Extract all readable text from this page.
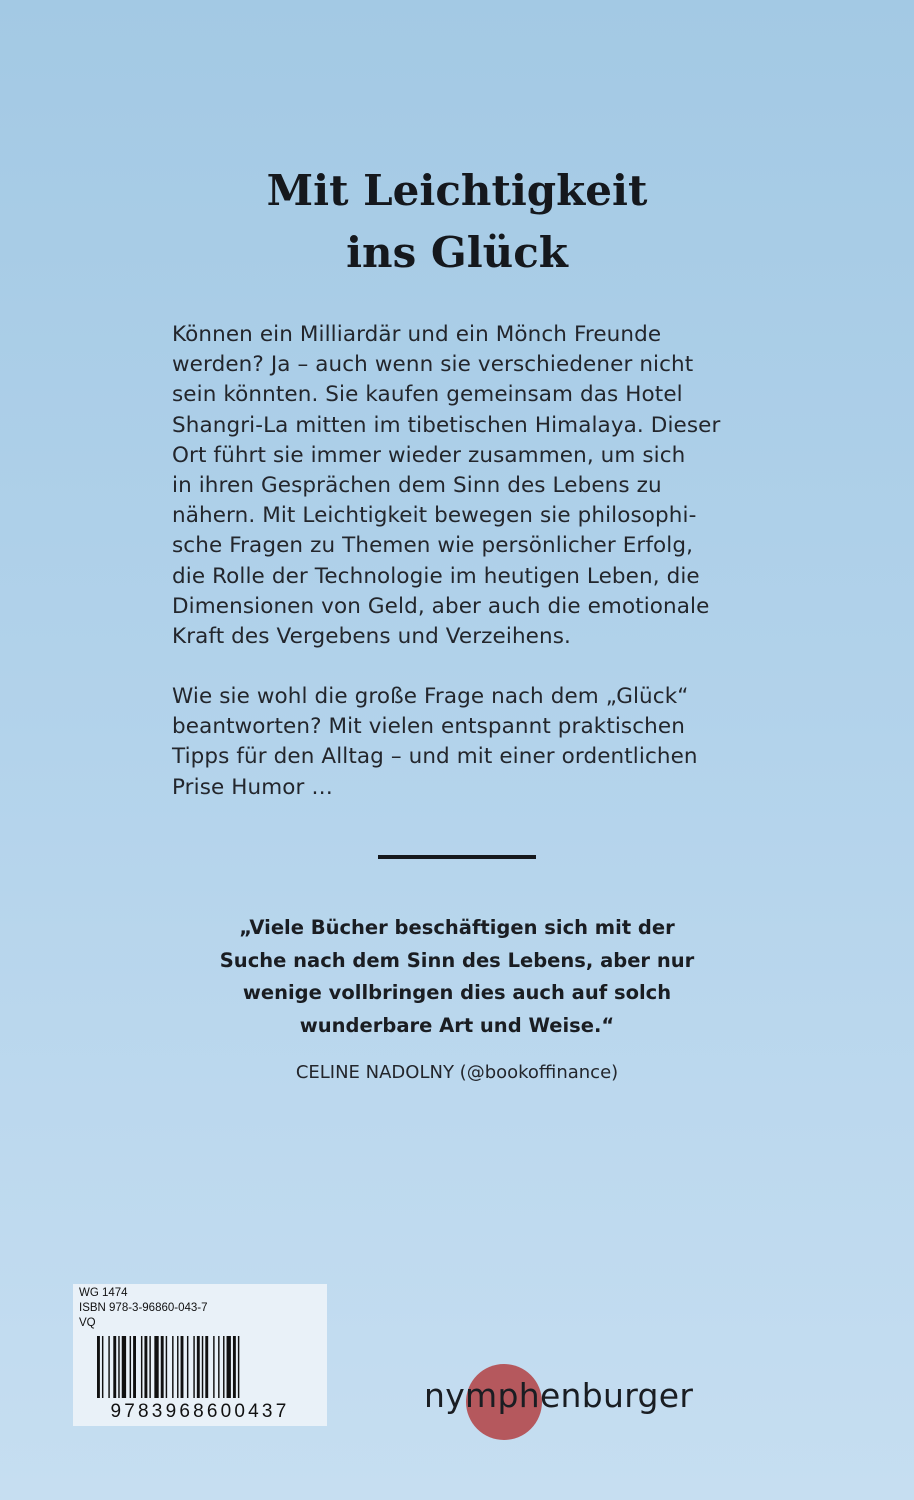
Mit Leichtigkeit
ins Glück
Können ein Milliardär und ein Mönch Freunde
werden? Ja – auch wenn sie verschiedener nicht
sein könnten. Sie kaufen gemeinsam das Hotel
Shangri-La mitten im tibetischen Himalaya. Dieser
Ort führt sie immer wieder zusammen, um sich
in ihren Gesprächen dem Sinn des Lebens zu
nähern. Mit Leichtigkeit bewegen sie philosophi-
sche Fragen zu Themen wie persönlicher Erfolg,
die Rolle der Technologie im heutigen Leben, die
Dimensionen von Geld, aber auch die emotionale
Kraft des Vergebens und Verzeihens.
Wie sie wohl die große Frage nach dem „Glück“
beantworten? Mit vielen entspannt praktischen
Tipps für den Alltag – und mit einer ordentlichen
Prise Humor …
„Viele Bücher beschäftigen sich mit der
Suche nach dem Sinn des Lebens, aber nur
wenige vollbringen dies auch auf solch
wunderbare Art und Weise.“
CELINE NADOLNY (@bookoffinance)
WG 1474
ISBN 978-3-96860-043-7
VQ
9783968600437	nymphenburger
